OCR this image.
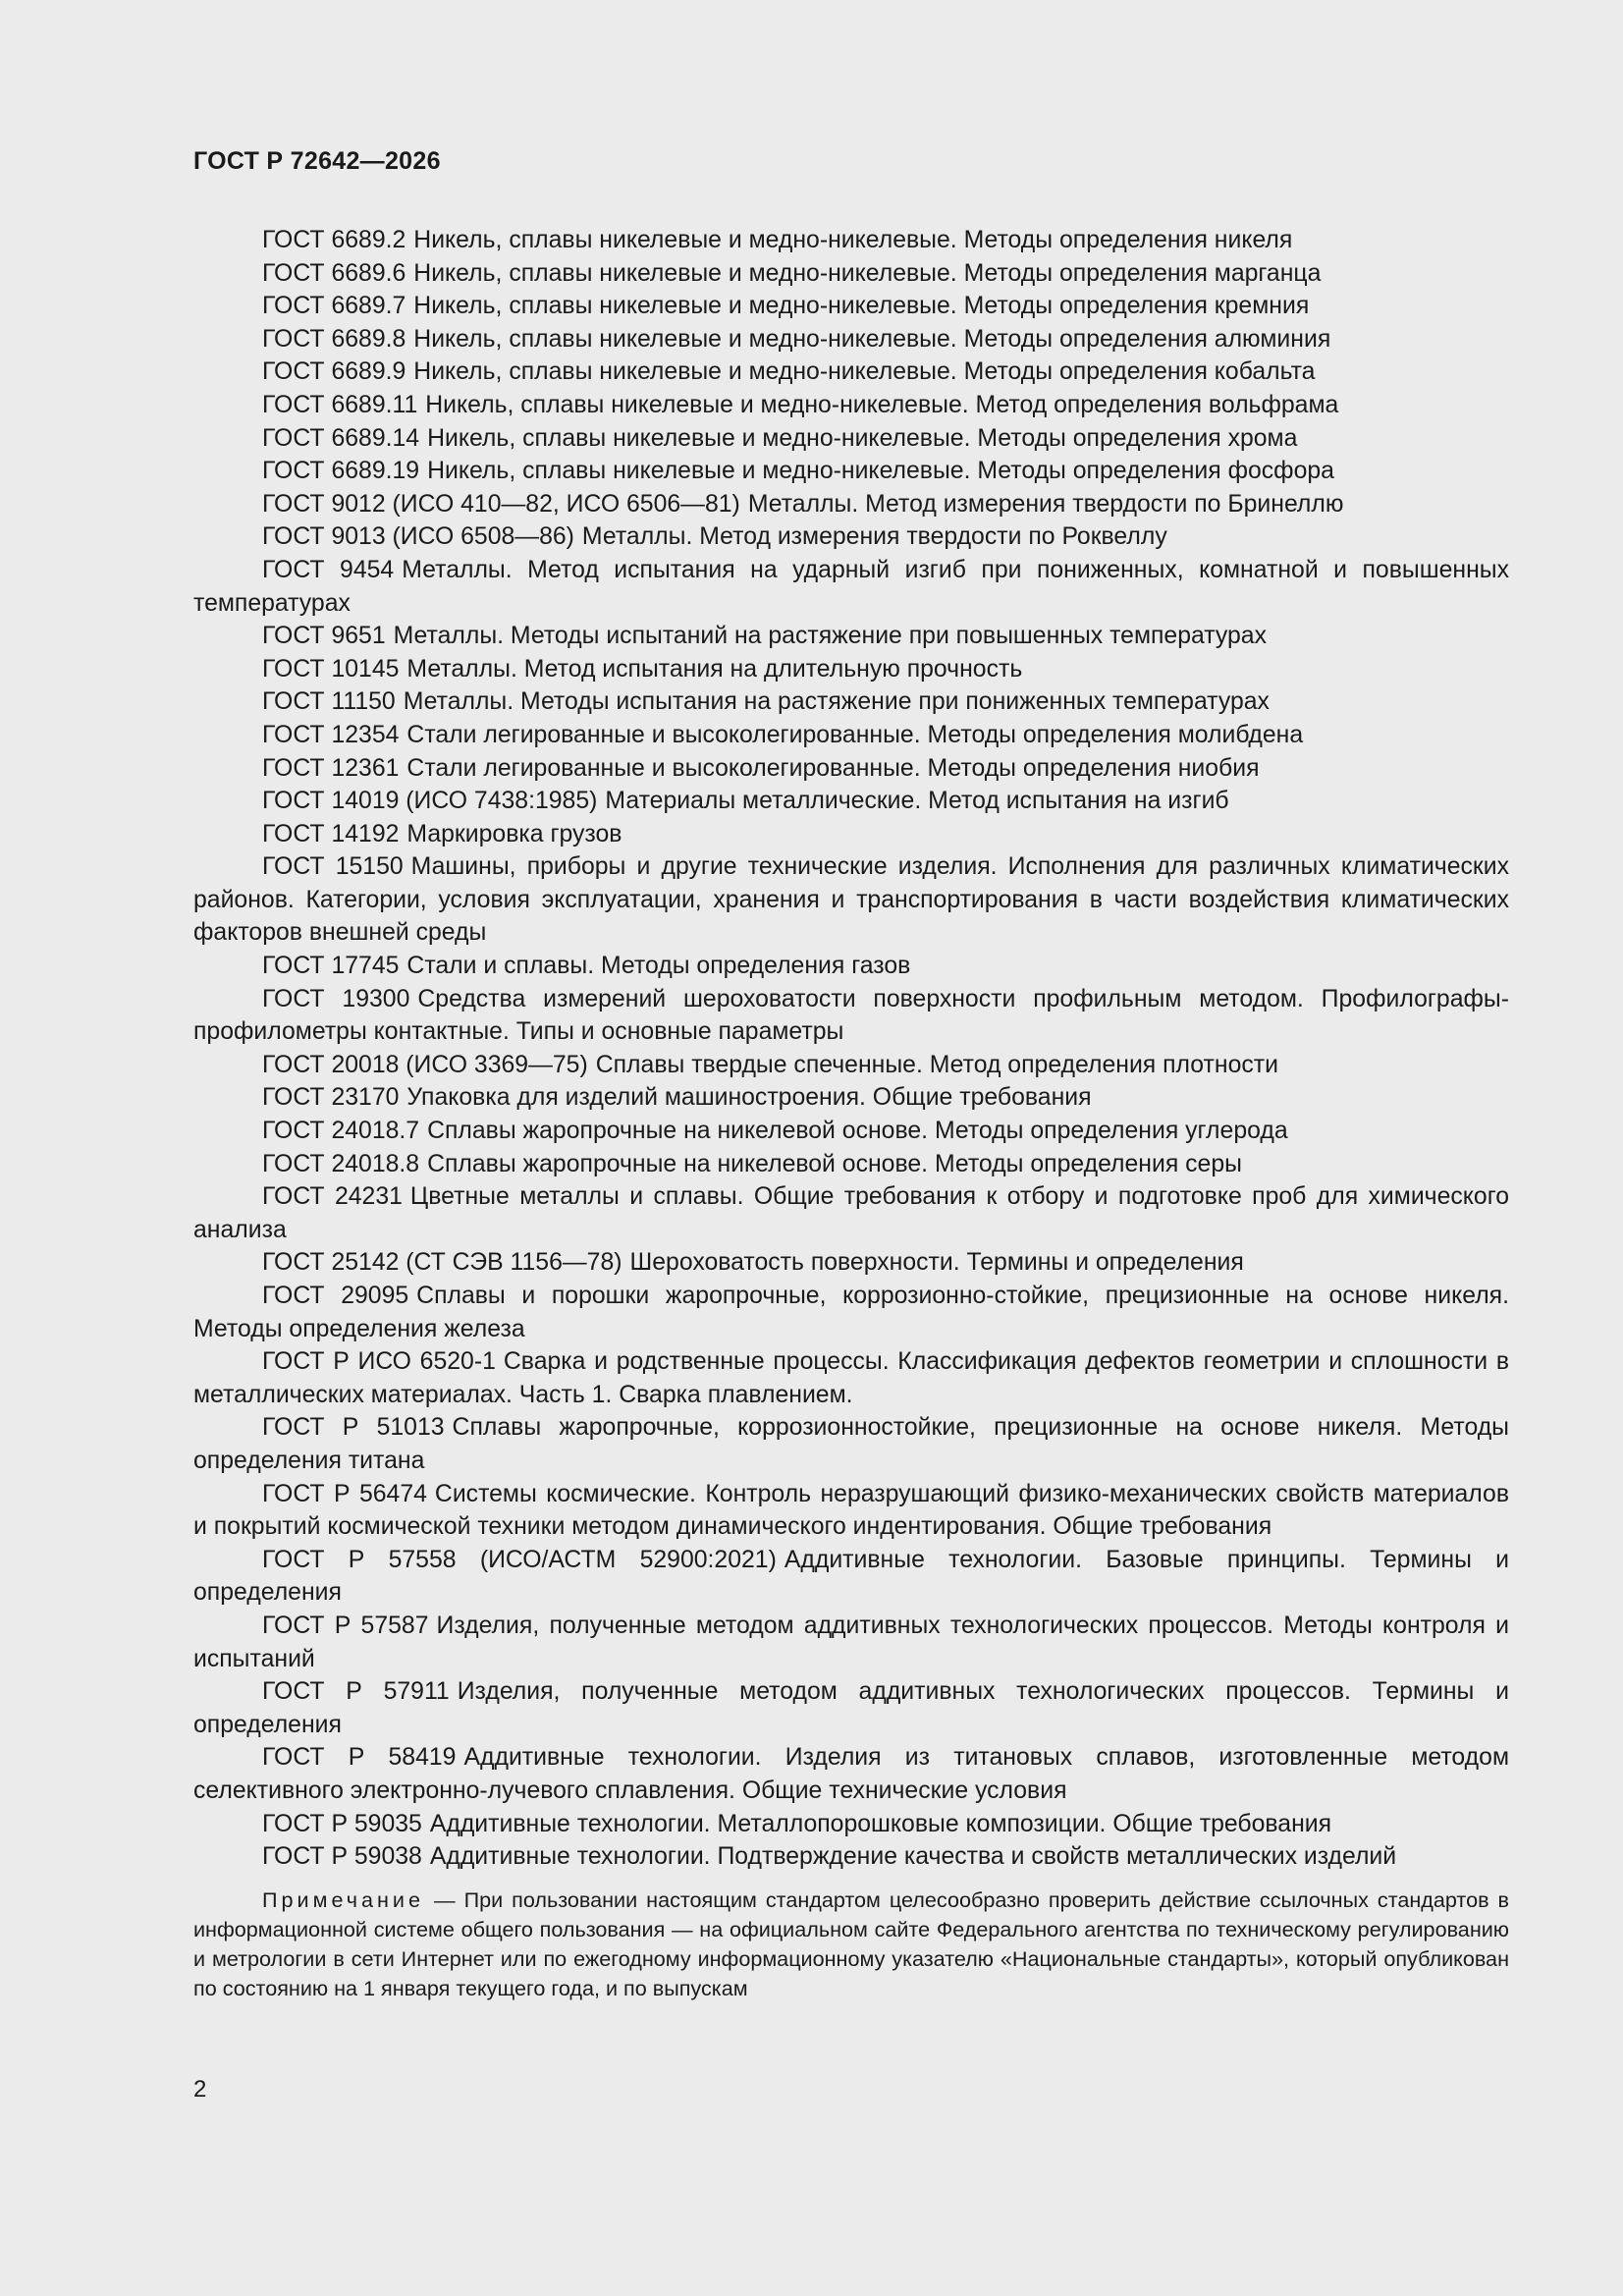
ГОСТ Р 72642—2026

ГОСТ 6689.2 Никель, сплавы никелевые и медно-никелевые. Методы определения никеля

ГОСТ 6689.6 Никель, сплавы никелевые и медно-никелевые. Методы определения марганца

ГОСТ 6689.7 Никель, сплавы никелевые и медно-никелевые. Методы определения кремния

ГОСТ 6689.8 Никель, сплавы никелевые и медно-никелевые. Методы определения алюминия

ГОСТ 6689.9 Никель, сплавы никелевые и медно-никелевые. Методы определения кобальта

ГОСТ 6689.11 Никель, сплавы никелевые и медно-никелевые. Метод определения вольфрама

ГОСТ 6689.14 Никель, сплавы никелевые и медно-никелевые. Методы определения хрома

ГОСТ 6689.19 Никель, сплавы никелевые и медно-никелевые. Методы определения фосфора

ГОСТ 9012 (ИСО 410—82, ИСО 6506—81) Металлы. Метод измерения твердости по Бринеллю

ГОСТ 9013 (ИСО 6508—86) Металлы. Метод измерения твердости по Роквеллу

ГОСТ 9454 Металлы. Метод испытания на ударный изгиб при пониженных, комнатной и повышенных температурах

ГОСТ 9651 Металлы. Методы испытаний на растяжение при повышенных температурах

ГОСТ 10145 Металлы. Метод испытания на длительную прочность

ГОСТ 11150 Металлы. Методы испытания на растяжение при пониженных температурах

ГОСТ 12354 Стали легированные и высоколегированные. Методы определения молибдена

ГОСТ 12361 Стали легированные и высоколегированные. Методы определения ниобия

ГОСТ 14019 (ИСО 7438:1985) Материалы металлические. Метод испытания на изгиб

ГОСТ 14192 Маркировка грузов

ГОСТ 15150 Машины, приборы и другие технические изделия. Исполнения для различных климатических районов. Категории, условия эксплуатации, хранения и транспортирования в части воздействия климатических факторов внешней среды

ГОСТ 17745 Стали и сплавы. Методы определения газов

ГОСТ 19300 Средства измерений шероховатости поверхности профильным методом. Профилографы-профилометры контактные. Типы и основные параметры

ГОСТ 20018 (ИСО 3369—75) Сплавы твердые спеченные. Метод определения плотности

ГОСТ 23170 Упаковка для изделий машиностроения. Общие требования

ГОСТ 24018.7 Сплавы жаропрочные на никелевой основе. Методы определения углерода

ГОСТ 24018.8 Сплавы жаропрочные на никелевой основе. Методы определения серы

ГОСТ 24231 Цветные металлы и сплавы. Общие требования к отбору и подготовке проб для химического анализа

ГОСТ 25142 (СТ СЭВ 1156—78) Шероховатость поверхности. Термины и определения

ГОСТ 29095 Сплавы и порошки жаропрочные, коррозионно-стойкие, прецизионные на основе никеля. Методы определения железа

ГОСТ Р ИСО 6520-1 Сварка и родственные процессы. Классификация дефектов геометрии и сплошности в металлических материалах. Часть 1. Сварка плавлением.

ГОСТ Р 51013 Сплавы жаропрочные, коррозионностойкие, прецизионные на основе никеля. Методы определения титана

ГОСТ Р 56474 Системы космические. Контроль неразрушающий физико-механических свойств материалов и покрытий космической техники методом динамического индентирования. Общие требования

ГОСТ Р 57558 (ИСО/АСТМ 52900:2021) Аддитивные технологии. Базовые принципы. Термины и определения

ГОСТ Р 57587 Изделия, полученные методом аддитивных технологических процессов. Методы контроля и испытаний

ГОСТ Р 57911 Изделия, полученные методом аддитивных технологических процессов. Термины и определения

ГОСТ Р 58419 Аддитивные технологии. Изделия из титановых сплавов, изготовленные методом селективного электронно-лучевого сплавления. Общие технические условия

ГОСТ Р 59035 Аддитивные технологии. Металлопорошковые композиции. Общие требования

ГОСТ Р 59038 Аддитивные технологии. Подтверждение качества и свойств металлических изделий

Примечание — При пользовании настоящим стандартом целесообразно проверить действие ссылочных стандартов в информационной системе общего пользования — на официальном сайте Федерального агентства по техническому регулированию и метрологии в сети Интернет или по ежегодному информационному указателю «Национальные стандарты», который опубликован по состоянию на 1 января текущего года, и по выпускам
2
